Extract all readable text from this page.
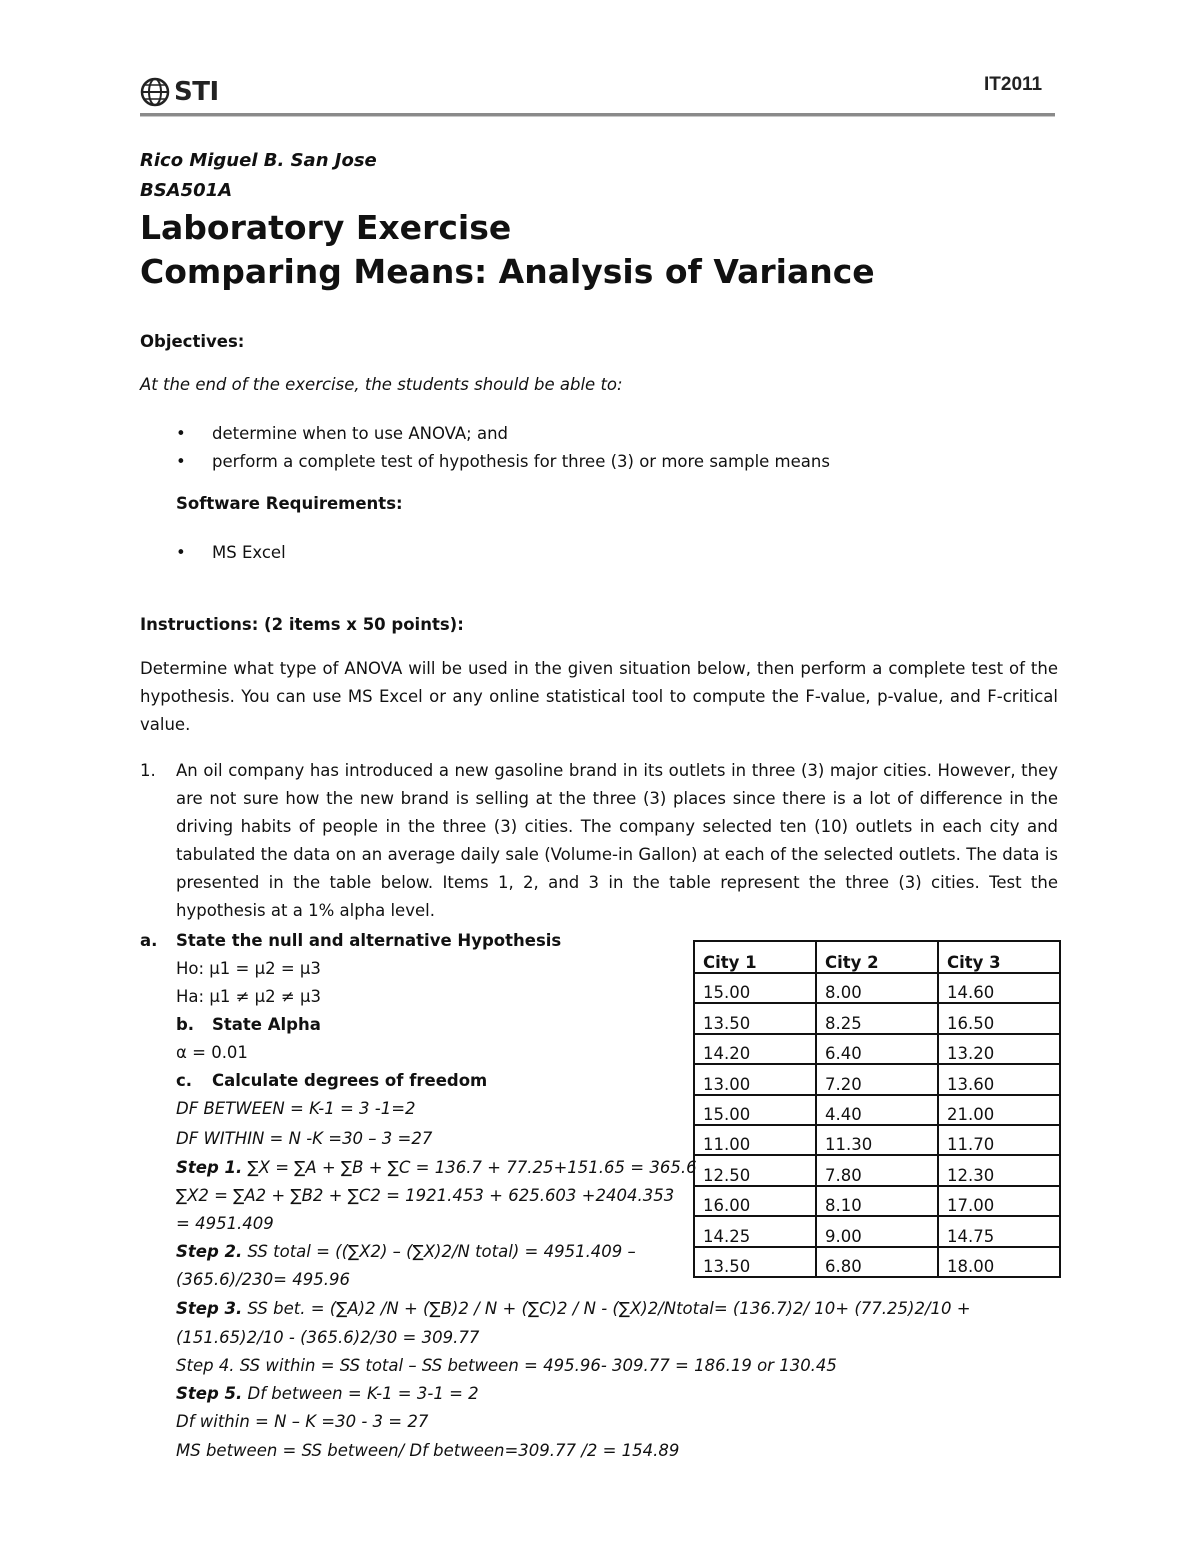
STI	IT2011
Rico Miguel B. San Jose
BSA501A
Laboratory Exercise
Comparing Means: Analysis of Variance
Objectives:
At the end of the exercise, the students should be able to:
• determine when to use ANOVA; and
• perform a complete test of hypothesis for three (3) or more sample means
Software Requirements:
• MS Excel
Instructions: (2 items x 50 points):
Determine what type of ANOVA will be used in the given situation below, then perform a complete test of the hypothesis. You can use MS Excel or any online statistical tool to compute the F-value, p-value, and F-critical value.
1. An oil company has introduced a new gasoline brand in its outlets in three (3) major cities. However, they are not sure how the new brand is selling at the three (3) places since there is a lot of difference in the driving habits of people in the three (3) cities. The company selected ten (10) outlets in each city and tabulated the data on an average daily sale (Volume-in Gallon) at each of the selected outlets. The data is presented in the table below. Items 1, 2, and 3 in the table represent the three (3) cities. Test the hypothesis at a 1% alpha level.
a. State the null and alternative Hypothesis
Ho: µ1 = µ2 = µ3
Ha: µ1 ≠ µ2 ≠ µ3
b. State Alpha
α = 0.01
c. Calculate degrees of freedom
DF BETWEEN = K-1 = 3 -1=2
DF WITHIN = N -K =30 – 3 =27
Step 1. ∑X = ∑A + ∑B + ∑C = 136.7 + 77.25+151.65 = 365.6
∑X2 = ∑A2 + ∑B2 + ∑C2 = 1921.453 + 625.603 +2404.353
= 4951.409
Step 2. SS total = ((∑X2) – (∑X)2/N total) = 4951.409 –
(365.6)/230= 495.96
Step 3. SS bet. = (∑A)2 /N + (∑B)2 / N + (∑C)2 / N - (∑X)2/Ntotal= (136.7)2/ 10+ (77.25)2/10 +
(151.65)2/10 - (365.6)2/30 = 309.77
Step 4. SS within = SS total – SS between = 495.96- 309.77 = 186.19 or 130.45
Step 5. Df between = K-1 = 3-1 = 2
Df within = N – K =30 - 3 = 27
MS between = SS between/ Df between=309.77 /2 = 154.89
City 1	City 2	City 3
15.00	8.00	14.60
13.50	8.25	16.50
14.20	6.40	13.20
13.00	7.20	13.60
15.00	4.40	21.00
11.00	11.30	11.70
12.50	7.80	12.30
16.00	8.10	17.00
14.25	9.00	14.75
13.50	6.80	18.00
